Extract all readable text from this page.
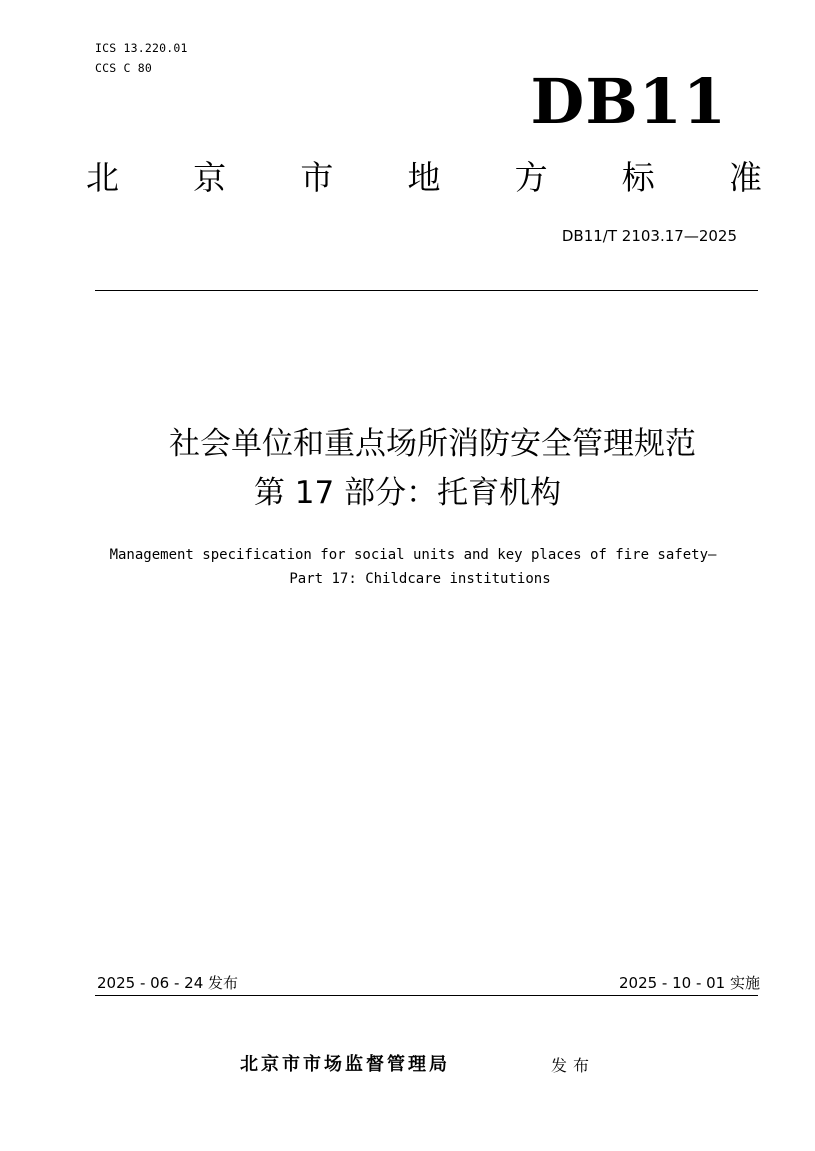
ICS 13.220.01
CCS C 80	DB11
北 京 市 地 方 标 准
DB11/T 2103.17—2025
社会单位和重点场所消防安全管理规范
第 17 部分：托育机构
Management specification for social units and key places of fire safety—
Part 17: Childcare institutions
2025 - 06 - 24 发布	2025 - 10 - 01 实施
北京市市场监督管理局	发布
